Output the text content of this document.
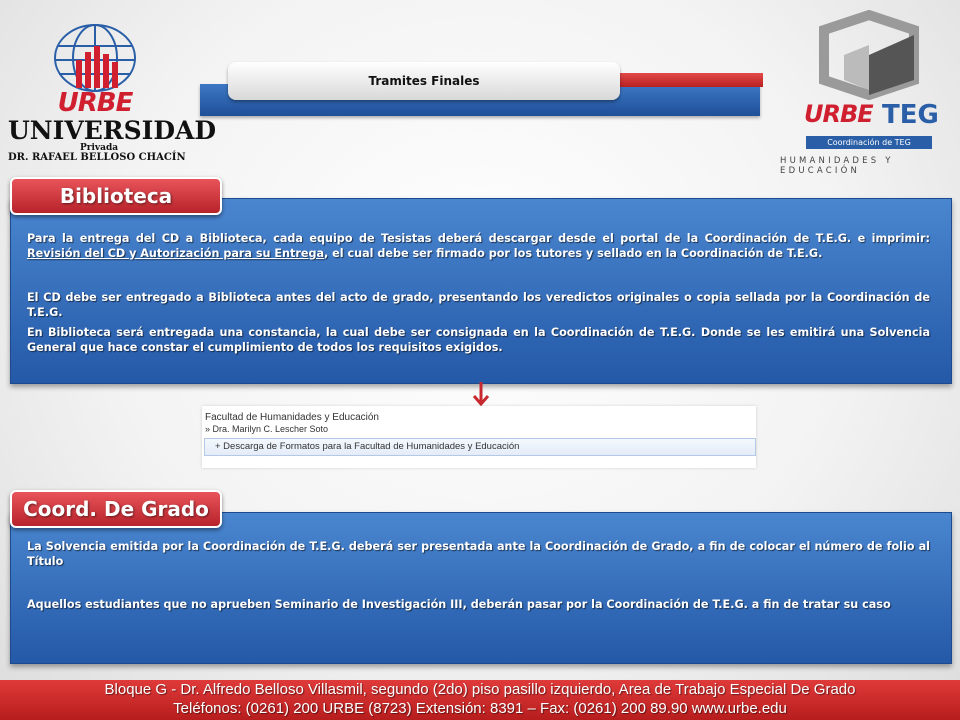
URBE
UNIVERSIDAD
Privada
DR. RAFAEL BELLOSO CHACÍN
URBE TEG
Coordinación de TEG
HUMANIDADES Y EDUCACIÓN
Tramites Finales

Para la entrega del CD a Biblioteca, cada equipo de Tesistas deberá descargar desde el portal de la Coordinación de T.E.G. e imprimir: Revisión del CD y Autorización para su Entrega, el cual debe ser firmado por los tutores y sellado en la Coordinación de T.E.G.

El CD debe ser entregado a Biblioteca antes del acto de grado, presentando los veredictos originales o copia sellada por la Coordinación de T.E.G.

En Biblioteca será entregada una constancia, la cual debe ser consignada en la Coordinación de T.E.G. Donde se les emitirá una Solvencia General que hace constar el cumplimiento de todos los requisitos exigidos.

Biblioteca
Facultad de Humanidades y Educación
» Dra. Marilyn C. Lescher Soto
+ Descarga de Formatos para la Facultad de Humanidades y Educación

La Solvencia emitida por la Coordinación de T.E.G. deberá ser presentada ante la Coordinación de Grado, a fin de colocar el número de folio al Título

Aquellos estudiantes que no aprueben Seminario de Investigación III, deberán pasar por la Coordinación de T.E.G. a fin de tratar su caso

Coord. De Grado
Bloque G - Dr. Alfredo Belloso Villasmil, segundo (2do) piso pasillo izquierdo, Area de Trabajo Especial De Grado
Teléfonos: (0261) 200 URBE (8723) Extensión: 8391 – Fax: (0261) 200 89.90 www.urbe.edu
